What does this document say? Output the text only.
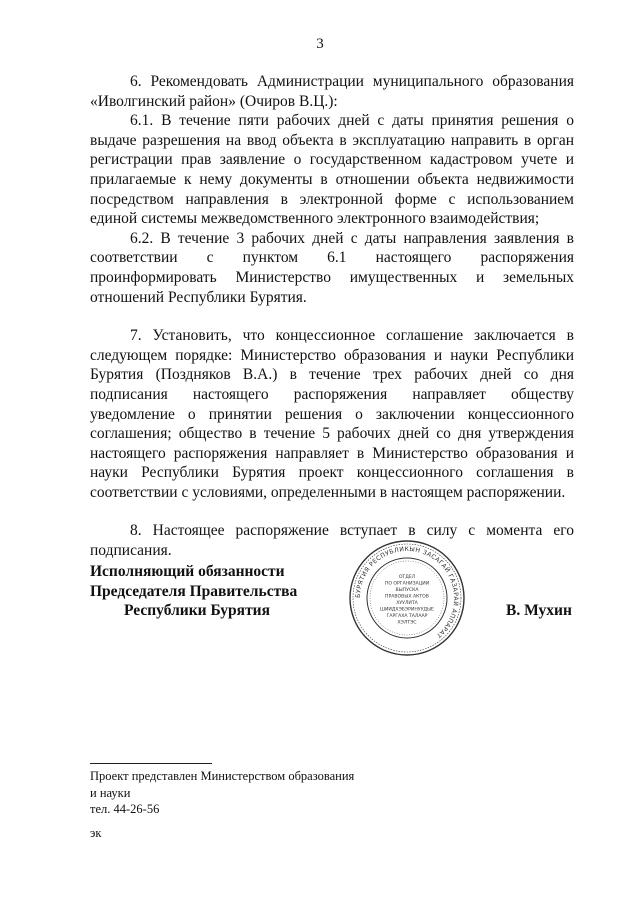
3

6. Рекомендовать Администрации муниципального образования «Иволгинский район» (Очиров В.Ц.):

6.1. В течение пяти рабочих дней с даты принятия решения о выдаче разрешения на ввод объекта в эксплуатацию направить в орган регистрации прав заявление о государственном кадастровом учете и прилагаемые к нему документы в отношении объекта недвижимости посредством направления в электронной форме с использованием единой системы межведомственного электронного взаимодействия;

6.2. В течение 3 рабочих дней с даты направления заявления в соответствии с пунктом 6.1 настоящего распоряжения проинформировать Министерство имущественных и земельных отношений Республики Бурятия.

7. Установить, что концессионное соглашение заключается в следующем порядке: Министерство образования и науки Республики Бурятия (Поздняков В.А.) в течение трех рабочих дней со дня подписания настоящего распоряжения направляет обществу уведомление о принятии решения о заключении концессионного соглашения; общество в течение 5 рабочих дней со дня утверждения настоящего распоряжения направляет в Министерство образования и науки Республики Бурятия проект концессионного соглашения в соответствии с условиями, определенными в настоящем распоряжении.

8. Настоящее распоряжение вступает в силу с момента его подписания.

Исполняющий обязанности
Председателя Правительства
Республики Бурятия
БУРЯТИЯ РЕСПУБЛИКЫН ЗАСАГАЙ ГАЗАРАЙ АППАРАТ
ОТДЕЛ
ПО ОРГАНИЗАЦИИ
ВЫПУСКА
ПРАВОВЫХ АКТОВ
ХУУЛИТА
ШИИДХЭБЭРИНУУДЫЕ
ГАРГАХА ТАЛААР
ХЭЛТЭС
В. Мухин
Проект представлен Министерством образования
и науки
тел. 44-26-56
эк
